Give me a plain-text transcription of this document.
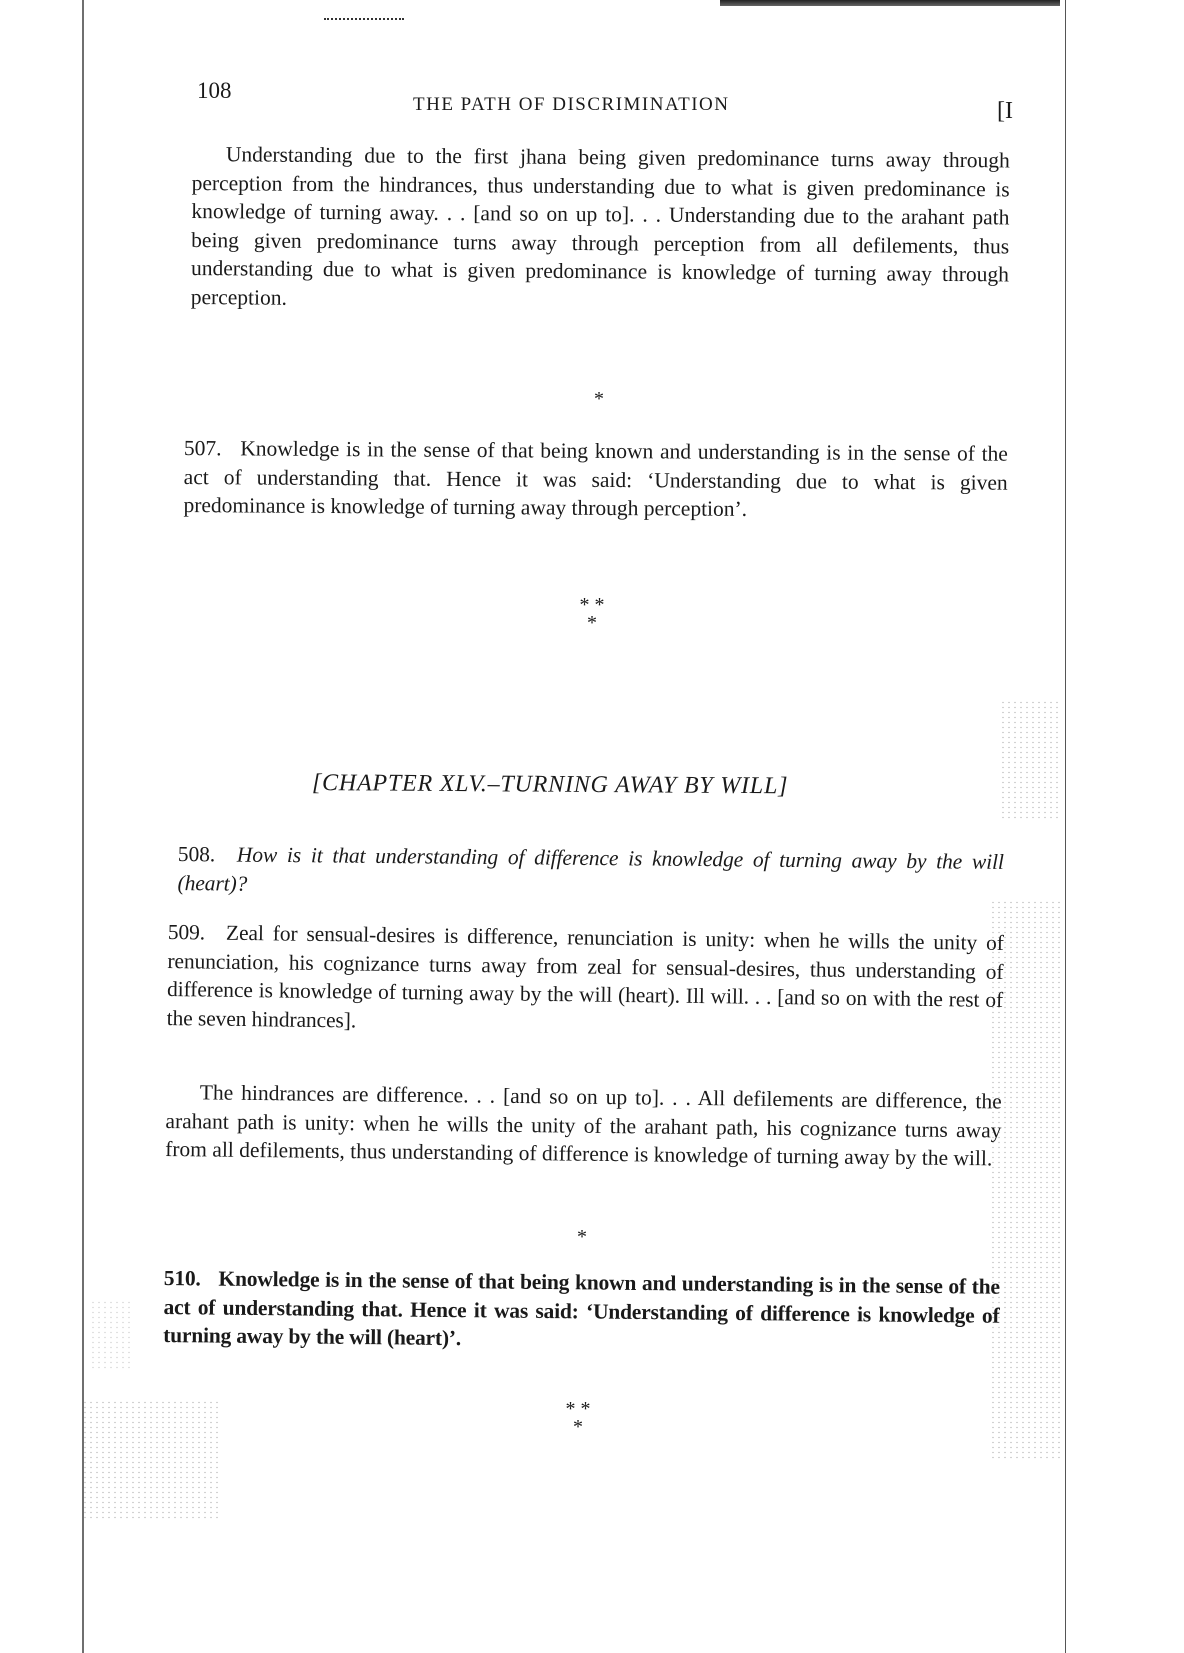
108
THE PATH OF DISCRIMINATION	[I
Understanding due to the first jhana being given predominance turns away through perception from the hindrances, thus understanding due to what is given predominance is knowledge of turning away. . . [and so on up to]. . . Understanding due to the arahant path being given predominance turns away through perception from all defilements, thus understanding due to what is given predominance is knowledge of turning away through perception.
*
507. Knowledge is in the sense of that being known and understanding is in the sense of the act of understanding that. Hence it was said: ‘Understanding due to what is given predominance is knowledge of turning away through perception’.
* *
*
[CHAPTER XLV.–TURNING AWAY BY WILL]
508. How is it that understanding of difference is knowledge of turning away by the will (heart)?
509. Zeal for sensual-desires is difference, renunciation is unity: when he wills the unity of renunciation, his cognizance turns away from zeal for sensual-desires, thus understanding of difference is knowledge of turning away by the will (heart). Ill will. . . [and so on with the rest of the seven hindrances].
The hindrances are difference. . . [and so on up to]. . . All defilements are difference, the arahant path is unity: when he wills the unity of the arahant path, his cognizance turns away from all defilements, thus understanding of difference is knowledge of turning away by the will.
*
510. Knowledge is in the sense of that being known and understanding is in the sense of the act of understanding that. Hence it was said: ‘Understanding of difference is knowledge of turning away by the will (heart)’.
* *
*
